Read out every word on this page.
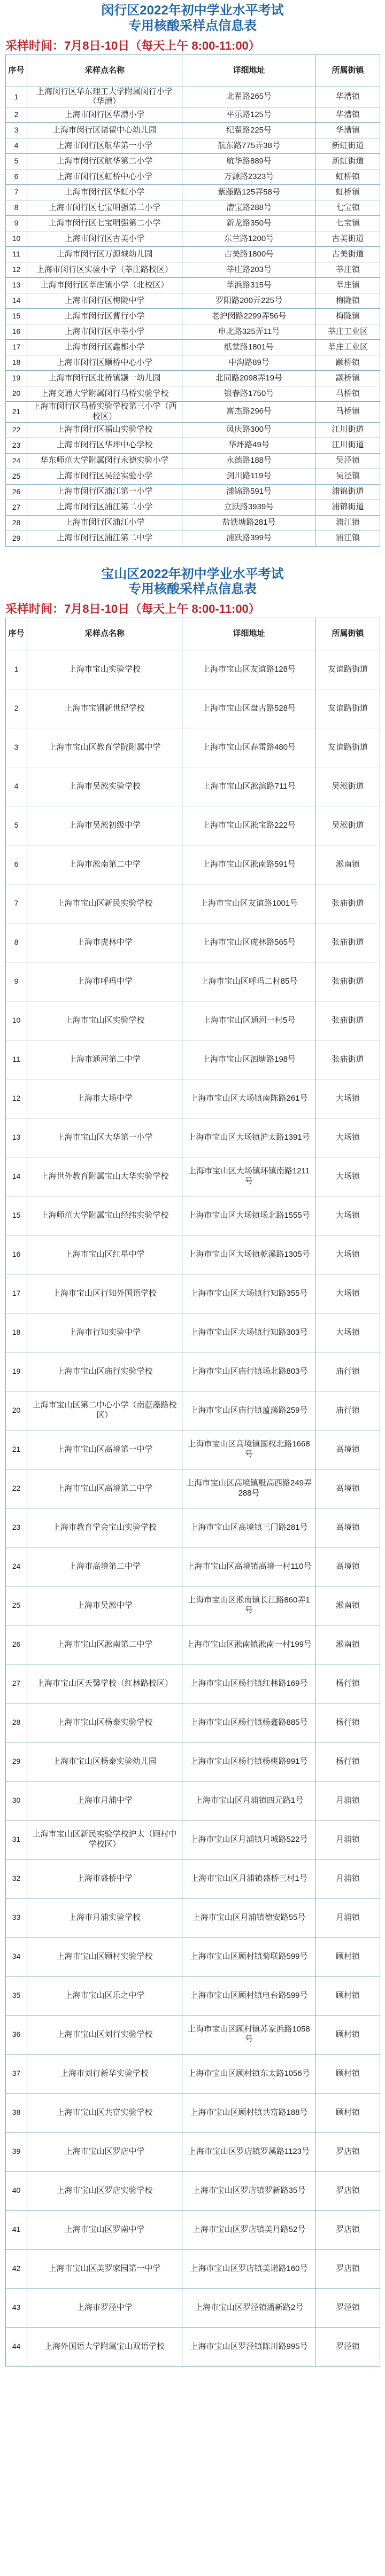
闵行区2022年初中学业水平考试
专用核酸采样点信息表
采样时间：7月8日-10日（每天上午 8:00-11:00）
序号	采样点名称	详细地址	所属街镇
1	上海闵行区华东理工大学附属闵行小学（华漕）	北翟路265号	华漕镇
2	上海市闵行区华漕小学	平乐路125号	华漕镇
3	上海市闵行区诸翟中心幼儿园	纪翟路225号	华漕镇
4	上海市闵行区航华第一小学	航东路775弄38号	新虹街道
5	上海市闵行区航华第二小学	航华路889号	新虹街道
6	上海市闵行区虹桥中心小学	万源路2323号	虹桥镇
7	上海市闵行区华虹小学	紫藤路125弄58号	虹桥镇
8	上海市闵行区七宝明强第二小学	漕宝路288号	七宝镇
9	上海市闵行区七宝明强第二小学	新龙路350号	七宝镇
10	上海市闵行区古美小学	东兰路1200号	古美街道
11	上海市闵行区万源城幼儿园	古美路1800号	古美街道
12	上海市闵行区实验小学（莘庄路校区）	莘庄路203号	莘庄镇
13	上海市闵行区莘庄镇小学（北校区）	莘浜路315号	莘庄镇
14	上海市闵行区梅陇中学	罗阳路200弄225号	梅陇镇
15	上海市闵行区曹行小学	老沪闵路2299弄56号	梅陇镇
16	上海市闵行区申莘小学	申北路325弄11号	莘庄工业区
17	上海市闵行区鑫都小学	纸堂路1801号	莘庄工业区
18	上海市闵行区颛桥中心小学	中沟路89号	颛桥镇
19	上海市闵行区北桥镇颛一幼儿园	北同路2098弄19号	颛桥镇
20	上海交通大学附属闵行马桥实验学校	银春路1750号	马桥镇
21	上海市闵行区马桥实验学校第三小学（西校区）	富杰路296号	马桥镇
22	上海市闵行区福山实验学校	凤庆路300号	江川街道
23	上海市闵行区华坪中心学校	华坪路49号	江川街道
24	华东师范大学附属闵行永德实验小学	永德路188号	吴泾镇
25	上海市闵行区吴泾实验小学	剑川路119号	吴泾镇
26	上海市闵行区浦江第一小学	浦锦路591号	浦锦街道
27	上海市闵行区浦江第二小学	立跃路3939号	浦锦街道
28	上海市闵行区浦江小学	盐铁塘路281号	浦江镇
29	上海市闵行区浦江第二中学	浦跃路399号	浦江镇
宝山区2022年初中学业水平考试
专用核酸采样点信息表
采样时间：7月8日-10日（每天上午 8:00-11:00）
序号	采样点名称	详细地址	所属街镇
1	上海市宝山实验学校	上海市宝山区友谊路128号	友谊路街道
2	上海市宝钢新世纪学校	上海市宝山区盘古路528号	友谊路街道
3	上海市宝山区教育学院附属中学	上海市宝山区春雷路480号	友谊路街道
4	上海市吴淞实验学校	上海市宝山区淞滨路711号	吴淞街道
5	上海市吴淞初级中学	上海市宝山区淞宝路222号	吴淞街道
6	上海市淞南第二中学	上海市宝山区淞南路591号	淞南镇
7	上海市宝山区新民实验学校	上海市宝山区友谊路1001号	张庙街道
8	上海市虎林中学	上海市宝山区虎林路565号	张庙街道
9	上海市呼玛中学	上海市宝山区呼玛二村85号	张庙街道
10	上海市宝山区实验学校	上海市宝山区通河一村5号	张庙街道
11	上海市通河第二中学	上海市宝山区泗塘路198号	张庙街道
12	上海市大场中学	上海市宝山区大场镇南陈路261号	大场镇
13	上海市宝山区大华第一小学	上海市宝山区大场镇沪太路1391号	大场镇
14	上海世外教育附属宝山大华实验学校	上海市宝山区大场镇环镇南路1211号	大场镇
15	上海师范大学附属宝山经纬实验学校	上海市宝山区大场镇场北路1555号	大场镇
16	上海市宝山区红星中学	上海市宝山区大场镇乾溪路1305号	大场镇
17	上海市宝山区行知外国语学校	上海市宝山区大场镇行知路355号	大场镇
18	上海市行知实验中学	上海市宝山区大场镇行知路303号	大场镇
19	上海市宝山区庙行实验学校	上海市宝山区庙行镇场北路803号	庙行镇
20	上海市宝山区第二中心小学（南蕰藻路校区）	上海市宝山区庙行镇蕰藻路259号	庙行镇
21	上海市宝山区高境第一中学	上海市宝山区高境镇国权北路1668号	高境镇
22	上海市宝山区高境第二中学	上海市宝山区高境镇殷高西路249弄288号	高境镇
23	上海市教育学会宝山实验学校	上海市宝山区高境镇三门路281号	高境镇
24	上海市高境第二中学	上海市宝山区高境镇高境一村110号	高境镇
25	上海市吴淞中学	上海市宝山区淞南镇长江路860弄1号	淞南镇
26	上海市宝山区淞南第二中学	上海市宝山区淞南镇淞南一村199号	淞南镇
27	上海市宝山区天馨学校（红林路校区）	上海市宝山区杨行镇红林路169号	杨行镇
28	上海市宝山区杨泰实验学校	上海市宝山区杨行镇杨鑫路885号	杨行镇
29	上海市宝山区杨泰实验幼儿园	上海市宝山区杨行镇杨桃路991号	杨行镇
30	上海市月浦中学	上海市宝山区月浦镇四元路1号	月浦镇
31	上海市宝山区新民实验学校沪太（顾村中学校区）	上海市宝山区月浦镇月城路522号	月浦镇
32	上海市盛桥中学	上海市宝山区月浦镇盛桥三村1号	月浦镇
33	上海市月浦实验学校	上海市宝山区月浦镇德安路55号	月浦镇
34	上海市宝山区顾村实验学校	上海市宝山区顾村镇菊联路599号	顾村镇
35	上海市宝山区乐之中学	上海市宝山区顾村镇电台路599号	顾村镇
36	上海市宝山区刘行实验学校	上海市宝山区顾村镇苏家浜路1058号	顾村镇
37	上海市刘行新华实验学校	上海市宝山区顾村镇东太路1056号	顾村镇
38	上海市宝山区共富实验学校	上海市宝山区顾村镇共富路188号	顾村镇
39	上海市宝山区罗店中学	上海市宝山区罗店镇罗溪路1123号	罗店镇
40	上海市宝山区罗店实验学校	上海市宝山区罗店镇罗新路35号	罗店镇
41	上海市宝山区罗南中学	上海市宝山区罗店镇美丹路52号	罗店镇
42	上海市宝山区美罗家园第一中学	上海市宝山区罗店镇美诺路160号	罗店镇
43	上海市罗泾中学	上海市宝山区罗泾镇潘新路2号	罗泾镇
44	上海外国语大学附属宝山双语学校	上海市宝山区罗泾镇陈川路995号	罗泾镇
